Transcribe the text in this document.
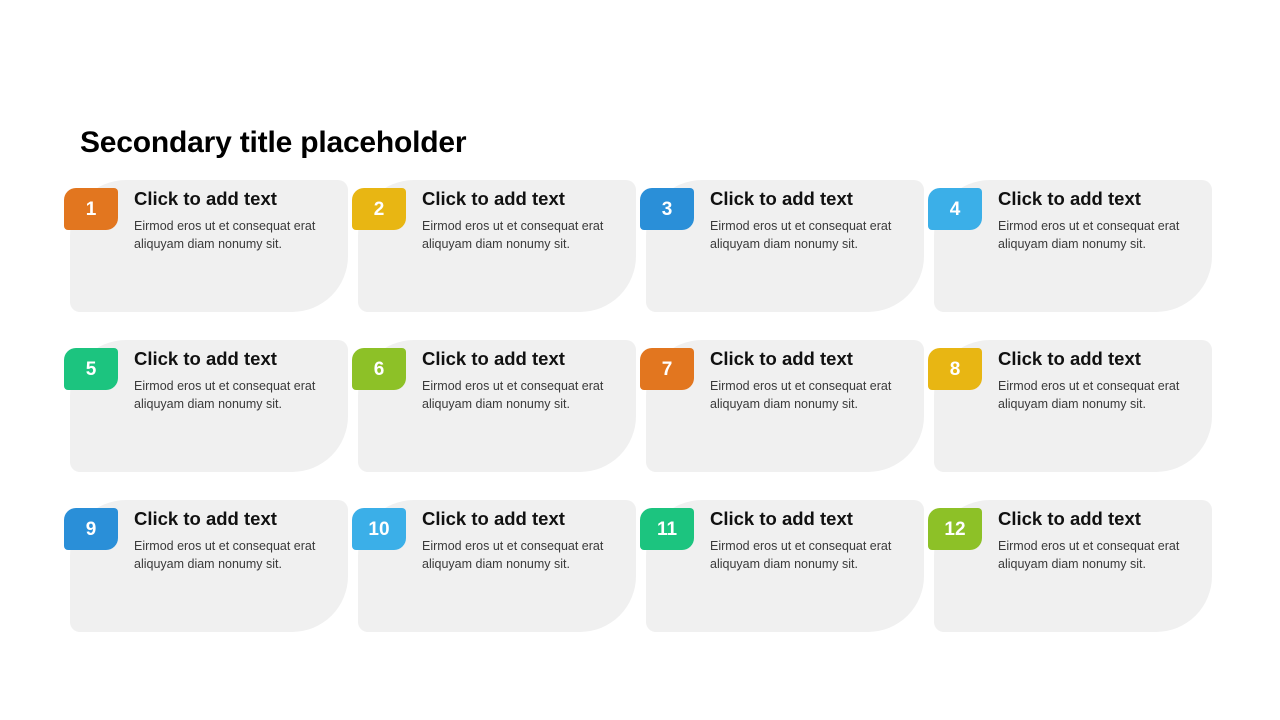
Secondary title placeholder
1	Click to add text
Eirmod eros ut et consequat erat aliquyam diam nonumy sit.
2	Click to add text
Eirmod eros ut et consequat erat aliquyam diam nonumy sit.
3	Click to add text
Eirmod eros ut et consequat erat aliquyam diam nonumy sit.
4	Click to add text
Eirmod eros ut et consequat erat aliquyam diam nonumy sit.
5	Click to add text
Eirmod eros ut et consequat erat aliquyam diam nonumy sit.
6	Click to add text
Eirmod eros ut et consequat erat aliquyam diam nonumy sit.
7	Click to add text
Eirmod eros ut et consequat erat aliquyam diam nonumy sit.
8	Click to add text
Eirmod eros ut et consequat erat aliquyam diam nonumy sit.
9	Click to add text
Eirmod eros ut et consequat erat aliquyam diam nonumy sit.
10	Click to add text
Eirmod eros ut et consequat erat aliquyam diam nonumy sit.
11	Click to add text
Eirmod eros ut et consequat erat aliquyam diam nonumy sit.
12	Click to add text
Eirmod eros ut et consequat erat aliquyam diam nonumy sit.
